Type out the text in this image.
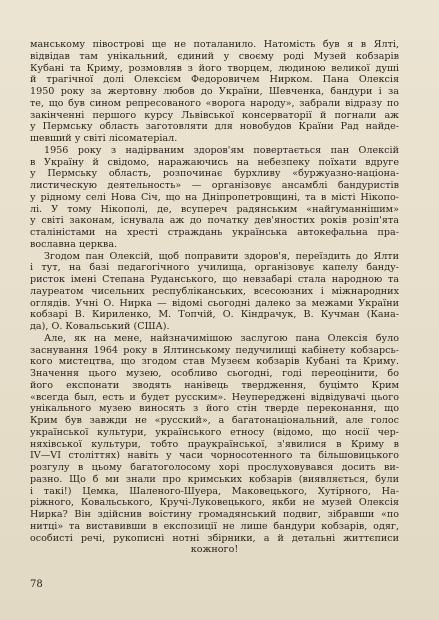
манському півострові ще не поталанило. Натомість був я в Ялті,
відвідав там унікальний, єдиний у своєму роді Музей кобзарів
Кубані та Криму, розмовляв з його творцем, людиною великої душі
й трагічної долі Олексієм Федоровичем Нирком. Пана Олексія
1950 року за жертовну любов до України, Шевченка, бандури і за
те, що був сином репресованого «ворога народу», забрали відразу по
закінченні першого курсу Львівської консерваторії й погнали аж
у Пермську область заготовляти для новобудов Країни Рад найде-
шевший у світі лісоматеріал.
1956 року з надірваним здоров'ям повертається пан Олексій
в Україну й свідомо, наражаючись на небезпеку поїхати вдруге
у Пермську область, розпочинає бурхливу «буржуазно-націона-
листическую деятельность» — організовує ансамблі бандуристів
у рідному селі Нова Січ, що на Дніпропетровщині, та в місті Нікопо-
лі. У тому Нікополі, де, всупереч радянським «найгуманнішим»
у світі законам, існувала аж до початку дев'яностих років розіп'ята
сталіністами на хресті страждань українська автокефальна пра-
вославна церква.
Згодом пан Олексій, щоб поправити здоров'я, переїздить до Ялти
і тут, на базі педагогічного училища, організовує капелу банду-
ристок імені Степана Руданського, що невзабарі стала народною та
лауреатом чисельних республіканських, всесоюзних і міжнародних
оглядів. Учні О. Нирка — відомі сьогодні далеко за межами України
кобзарі В. Кириленко, М. Топчій, О. Кіндрачук, В. Кучман (Кана-
да), О. Ковальський (США).
Але, як на мене, найзначимішою заслугою пана Олексія було
заснування 1964 року в Ялтинському педучилищі кабінету кобзарсь-
кого мистецтва, що згодом став Музеєм кобзарів Кубані та Криму.
Значення цього музею, особливо сьогодні, годі переоцінити, бо
його експонати зводять нанівець твердження, буцімто Крим
«всегда был, есть и будет русским». Неупереджені відвідувачі цього
унікального музею виносять з його стін тверде переконання, що
Крим був завжди не «русский», а багатонаціональний, але голос
української культури, українського етносу (відомо, що носії чер-
няхівської культури, тобто праукраїнської, з'явилися в Криму в
IV—VI століттях) навіть у часи чорносотенного та більшовицького
розгулу в цьому багатоголосому хорі прослуховувався досить ви-
разно. Що б ми знали про кримських кобзарів (виявляється, були
і такі!) Цемка, Шаленого-Шуера, Маковецького, Хутірного, На-
ріжного, Ковальського, Кручі-Луковецького, якби не музей Олексія
Нирка? Він здійснив воістину громадянський подвиг, зібравши «по
нитці» та виставивши в експозиції не лише бандури кобзарів, одяг,
особисті речі, рукописні нотні збірники, а й детальні життєписи
кожного!
78
